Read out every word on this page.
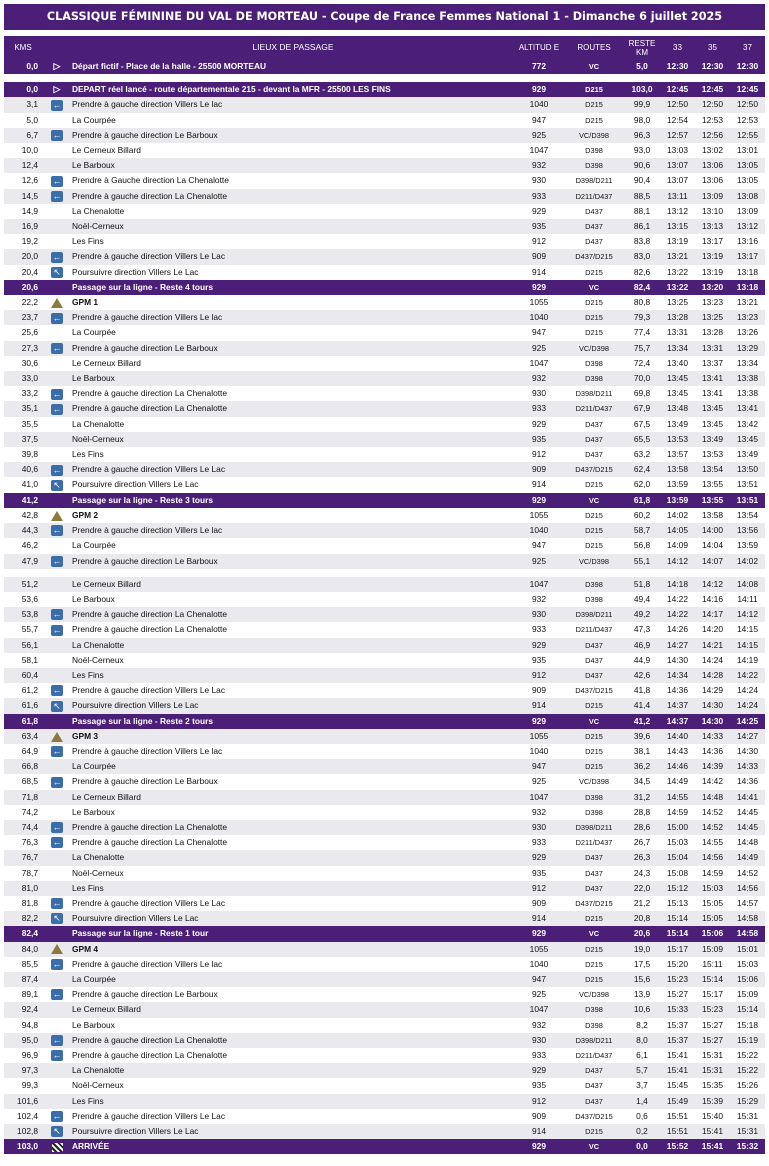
CLASSIQUE FÉMININE DU VAL DE MORTEAU - Coupe de France Femmes National 1 - Dimanche 6 juillet 2025
KMS		LIEUX DE PASSAGE	ALTITUD E	ROUTES	RESTE KM	33	35	37
0,0	▷	Départ fictif - Place de la halle - 25500 MORTEAU	772	VC	5,0	12:30	12:30	12:30

0,0	▷	DEPART réel lancé - route départementale 215 - devant la MFR - 25500 LES FINS	929	D215	103,0	12:45	12:45	12:45
3,1	←	Prendre à gauche direction Villers Le lac	1040	D215	99,9	12:50	12:50	12:50
5,0		La Courpée	947	D215	98,0	12:54	12:53	12:53
6,7	←	Prendre à gauche direction Le Barboux	925	VC/D398	96,3	12:57	12:56	12:55
10,0		Le Cerneux Billard	1047	D398	93,0	13:03	13:02	13:01
12,4		Le Barboux	932	D398	90,6	13:07	13:06	13:05
12,6	←	Prendre à Gauche direction La Chenalotte	930	D398/D211	90,4	13:07	13:06	13:05
14,5	←	Prendre à gauche direction La Chenalotte	933	D211/D437	88,5	13:11	13:09	13:08
14,9		La Chenalotte	929	D437	88,1	13:12	13:10	13:09
16,9		Noël-Cerneux	935	D437	86,1	13:15	13:13	13:12
19,2		Les Fins	912	D437	83,8	13:19	13:17	13:16
20,0	←	Prendre à gauche direction Villers Le Lac	909	D437/D215	83,0	13:21	13:19	13:17
20,4	↖	Poursuivre direction Villers Le Lac	914	D215	82,6	13:22	13:19	13:18
20,6		Passage sur la ligne - Reste 4 tours	929	VC	82,4	13:22	13:20	13:18
22,2		GPM 1	1055	D215	80,8	13:25	13:23	13:21
23,7	←	Prendre à gauche direction Villers Le lac	1040	D215	79,3	13:28	13:25	13:23
25,6		La Courpée	947	D215	77,4	13:31	13:28	13:26
27,3	←	Prendre à gauche direction Le Barboux	925	VC/D398	75,7	13:34	13:31	13:29
30,6		Le Cerneux Billard	1047	D398	72,4	13:40	13:37	13:34
33,0		Le Barboux	932	D398	70,0	13:45	13:41	13:38
33,2	←	Prendre à gauche direction La Chenalotte	930	D398/D211	69,8	13:45	13:41	13:38
35,1	←	Prendre à gauche direction La Chenalotte	933	D211/D437	67,9	13:48	13:45	13:41
35,5		La Chenalotte	929	D437	67,5	13:49	13:45	13:42
37,5		Noël-Cerneux	935	D437	65,5	13:53	13:49	13:45
39,8		Les Fins	912	D437	63,2	13:57	13:53	13:49
40,6	←	Prendre à gauche direction Villers Le Lac	909	D437/D215	62,4	13:58	13:54	13:50
41,0	↖	Poursuivre direction Villers Le Lac	914	D215	62,0	13:59	13:55	13:51
41,2		Passage sur la ligne - Reste 3 tours	929	VC	61,8	13:59	13:55	13:51
42,8		GPM 2	1055	D215	60,2	14:02	13:58	13:54
44,3	←	Prendre à gauche direction Villers Le lac	1040	D215	58,7	14:05	14:00	13:56
46,2		La Courpée	947	D215	56,8	14:09	14:04	13:59
47,9	←	Prendre à gauche direction Le Barboux	925	VC/D398	55,1	14:12	14:07	14:02

51,2		Le Cerneux Billard	1047	D398	51,8	14:18	14:12	14:08
53,6		Le Barboux	932	D398	49,4	14:22	14:16	14:11
53,8	←	Prendre à gauche direction La Chenalotte	930	D398/D211	49,2	14:22	14:17	14:12
55,7	←	Prendre à gauche direction La Chenalotte	933	D211/D437	47,3	14:26	14:20	14:15
56,1		La Chenalotte	929	D437	46,9	14:27	14:21	14:15
58,1		Noël-Cerneux	935	D437	44,9	14:30	14:24	14:19
60,4		Les Fins	912	D437	42,6	14:34	14:28	14:22
61,2	←	Prendre à gauche direction Villers Le Lac	909	D437/D215	41,8	14:36	14:29	14:24
61,6	↖	Poursuivre direction Villers Le Lac	914	D215	41,4	14:37	14:30	14:24
61,8		Passage sur la ligne - Reste 2 tours	929	VC	41,2	14:37	14:30	14:25
63,4		GPM 3	1055	D215	39,6	14:40	14:33	14:27
64,9	←	Prendre à gauche direction Villers Le lac	1040	D215	38,1	14:43	14:36	14:30
66,8		La Courpée	947	D215	36,2	14:46	14:39	14:33
68,5	←	Prendre à gauche direction Le Barboux	925	VC/D398	34,5	14:49	14:42	14:36
71,8		Le Cerneux Billard	1047	D398	31,2	14:55	14:48	14:41
74,2		Le Barboux	932	D398	28,8	14:59	14:52	14:45
74,4	←	Prendre à gauche direction La Chenalotte	930	D398/D211	28,6	15:00	14:52	14:45
76,3	←	Prendre à gauche direction La Chenalotte	933	D211/D437	26,7	15:03	14:55	14:48
76,7		La Chenalotte	929	D437	26,3	15:04	14:56	14:49
78,7		Noël-Cerneux	935	D437	24,3	15:08	14:59	14:52
81,0		Les Fins	912	D437	22,0	15:12	15:03	14:56
81,8	←	Prendre à gauche direction Villers Le Lac	909	D437/D215	21,2	15:13	15:05	14:57
82,2	↖	Poursuivre direction Villers Le Lac	914	D215	20,8	15:14	15:05	14:58
82,4		Passage sur la ligne - Reste 1 tour	929	VC	20,6	15:14	15:06	14:58
84,0		GPM 4	1055	D215	19,0	15:17	15:09	15:01
85,5	←	Prendre à gauche direction Villers Le lac	1040	D215	17,5	15:20	15:11	15:03
87,4		La Courpée	947	D215	15,6	15:23	15:14	15:06
89,1	←	Prendre à gauche direction Le Barboux	925	VC/D398	13,9	15:27	15:17	15:09
92,4		Le Cerneux Billard	1047	D398	10,6	15:33	15:23	15:14
94,8		Le Barboux	932	D398	8,2	15:37	15:27	15:18
95,0	←	Prendre à gauche direction La Chenalotte	930	D398/D211	8,0	15:37	15:27	15:19
96,9	←	Prendre à gauche direction La Chenalotte	933	D211/D437	6,1	15:41	15:31	15:22
97,3		La Chenalotte	929	D437	5,7	15:41	15:31	15:22
99,3		Noël-Cerneux	935	D437	3,7	15:45	15:35	15:26
101,6		Les Fins	912	D437	1,4	15:49	15:39	15:29
102,4	←	Prendre à gauche direction Villers Le Lac	909	D437/D215	0,6	15:51	15:40	15:31
102,8	↖	Poursuivre direction Villers Le Lac	914	D215	0,2	15:51	15:41	15:31
103,0		ARRIVÉE	929	VC	0,0	15:52	15:41	15:32
